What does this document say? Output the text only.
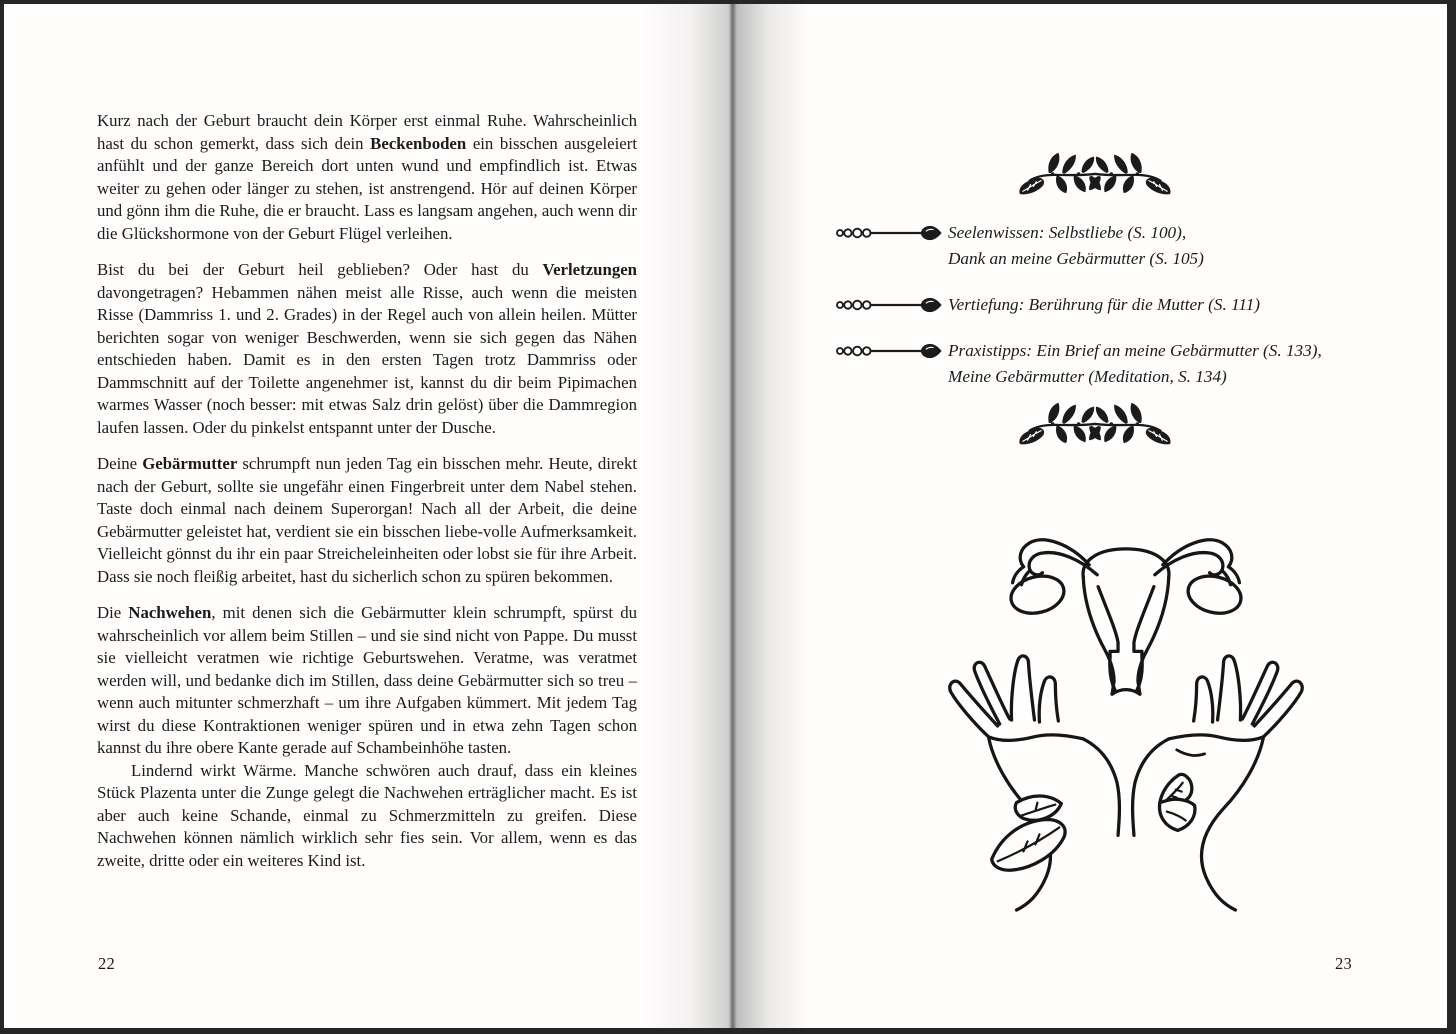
Kurz nach der Geburt braucht dein Körper erst einmal Ruhe. Wahrscheinlich hast du schon gemerkt, dass sich dein Beckenboden ein bisschen ausgeleiert anfühlt und der ganze Bereich dort unten wund und empfindlich ist. Etwas weiter zu gehen oder länger zu stehen, ist anstrengend. Hör auf deinen Körper und gönn ihm die Ruhe, die er braucht. Lass es langsam angehen, auch wenn dir die Glückshormone von der Geburt Flügel verleihen.

Bist du bei der Geburt heil geblieben? Oder hast du Verletzungen davongetragen? Hebammen nähen meist alle Risse, auch wenn die meisten Risse (Dammriss 1. und 2. Grades) in der Regel auch von allein heilen. Mütter berichten sogar von weniger Beschwerden, wenn sie sich gegen das Nähen entschieden haben. Damit es in den ersten Tagen trotz Dammriss oder Dammschnitt auf der Toilette angenehmer ist, kannst du dir beim Pipimachen warmes Wasser (noch besser: mit etwas Salz drin gelöst) über die Dammregion laufen lassen. Oder du pinkelst entspannt unter der Dusche.

Deine Gebärmutter schrumpft nun jeden Tag ein bisschen mehr. Heute, direkt nach der Geburt, sollte sie ungefähr einen Fingerbreit unter dem Nabel stehen. Taste doch einmal nach deinem Superorgan! Nach all der Arbeit, die deine Gebärmutter geleistet hat, verdient sie ein bisschen liebe-volle Aufmerksamkeit. Vielleicht gönnst du ihr ein paar Streicheleinheiten oder lobst sie für ihre Arbeit. Dass sie noch fleißig arbeitet, hast du sicherlich schon zu spüren bekommen.

Die Nachwehen, mit denen sich die Gebärmutter klein schrumpft, spürst du wahrscheinlich vor allem beim Stillen – und sie sind nicht von Pappe. Du musst sie vielleicht veratmen wie richtige Geburtswehen. Veratme, was veratmet werden will, und bedanke dich im Stillen, dass deine Gebärmutter sich so treu – wenn auch mitunter schmerzhaft – um ihre Aufgaben kümmert. Mit jedem Tag wirst du diese Kontraktionen weniger spüren und in etwa zehn Tagen schon kannst du ihre obere Kante gerade auf Schambeinhöhe tasten.

Lindernd wirkt Wärme. Manche schwören auch drauf, dass ein kleines Stück Plazenta unter die Zunge gelegt die Nachwehen erträglicher macht. Es ist aber auch keine Schande, einmal zu Schmerzmitteln zu greifen. Diese Nachwehen können nämlich wirklich sehr fies sein. Vor allem, wenn es das zweite, dritte oder ein weiteres Kind ist.

22
Seelenwissen: Selbstliebe (S. 100),
Dank an meine Gebärmutter (S. 105)
Vertiefung: Berührung für die Mutter (S. 111)
Praxistipps: Ein Brief an meine Gebärmutter (S. 133),
Meine Gebärmutter (Meditation, S. 134)
23
